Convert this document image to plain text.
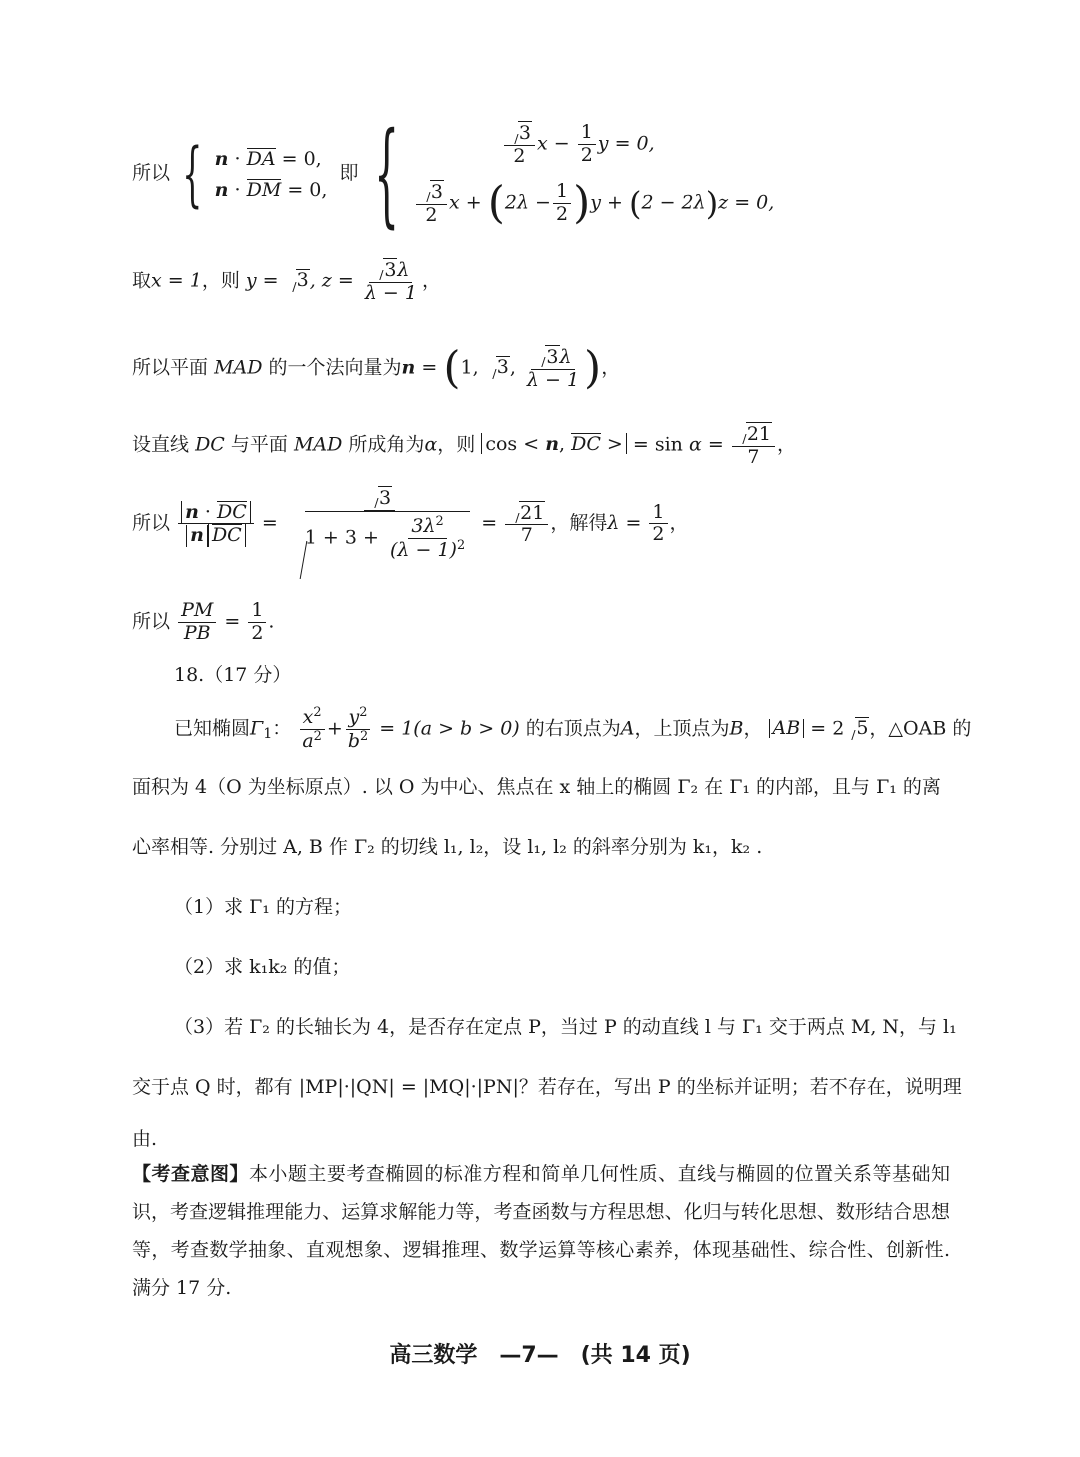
所以 { n · DA = 0,
n · DM = 0,
即 {	$\frac{3}{2}$ $x - \frac{1}{2}$ y = 0,
$\frac{3}{2}$ $x + (2\lambda - \frac{1}{2} )y + (2 - 2\lambda)z = 0$,
取x = 1，则 y = 3, $z = \frac{3\lambda}{\lambda - 1}$ ，
所以平面 MAD 的一个法向量为n = (1, 3, $\frac{3\lambda}{\lambda - 1}$ )，
设直线 DC 与平面 MAD 所成角为α，则 cos < n, DC > = $\sin \alpha = \frac{21}{7}$ ，
所以 $\frac{n \cdot DC}{\text{n DC}} = \frac{3}{1 + 3 + \frac{3\lambda^2}{(\lambda - 1)^2}} = \frac{21}{7}$ ，解得$\lambda = \frac{1}{2}$ ，
所以 $\frac{PM}{PB} = \frac{1}{2}$ .
18.（17 分）
已知椭圆Γ1： $\frac{x^2}{a^2} + \frac{y^2}{b^2} = 1(a > b > 0)$ 的右顶点为A，上顶点为B， AB = 2 5，△OAB 的
面积为 4（O 为坐标原点）. 以 O 为中心、焦点在 x 轴上的椭圆 Γ₂ 在 Γ₁ 的内部，且与 Γ₁ 的离
心率相等. 分别过 A, B 作 Γ₂ 的切线 l₁, l₂，设 l₁, l₂ 的斜率分别为 k₁，k₂ .
（1）求 Γ₁ 的方程；
（2）求 k₁k₂ 的值；
（3）若 Γ₂ 的长轴长为 4，是否存在定点 P，当过 P 的动直线 l 与 Γ₁ 交于两点 M, N，与 l₁
交于点 Q 时，都有 |MP|·|QN| = |MQ|·|PN|？若存在，写出 P 的坐标并证明；若不存在，说明理
由.
【考查意图】本小题主要考查椭圆的标准方程和简单几何性质、直线与椭圆的位置关系等基础知识，考查逻辑推理能力、运算求解能力等，考查函数与方程思想、化归与转化思想、数形结合思想等，考查数学抽象、直观想象、逻辑推理、数学运算等核心素养，体现基础性、综合性、创新性. 满分 17 分.
高三数学　—7—　(共 14 页)
